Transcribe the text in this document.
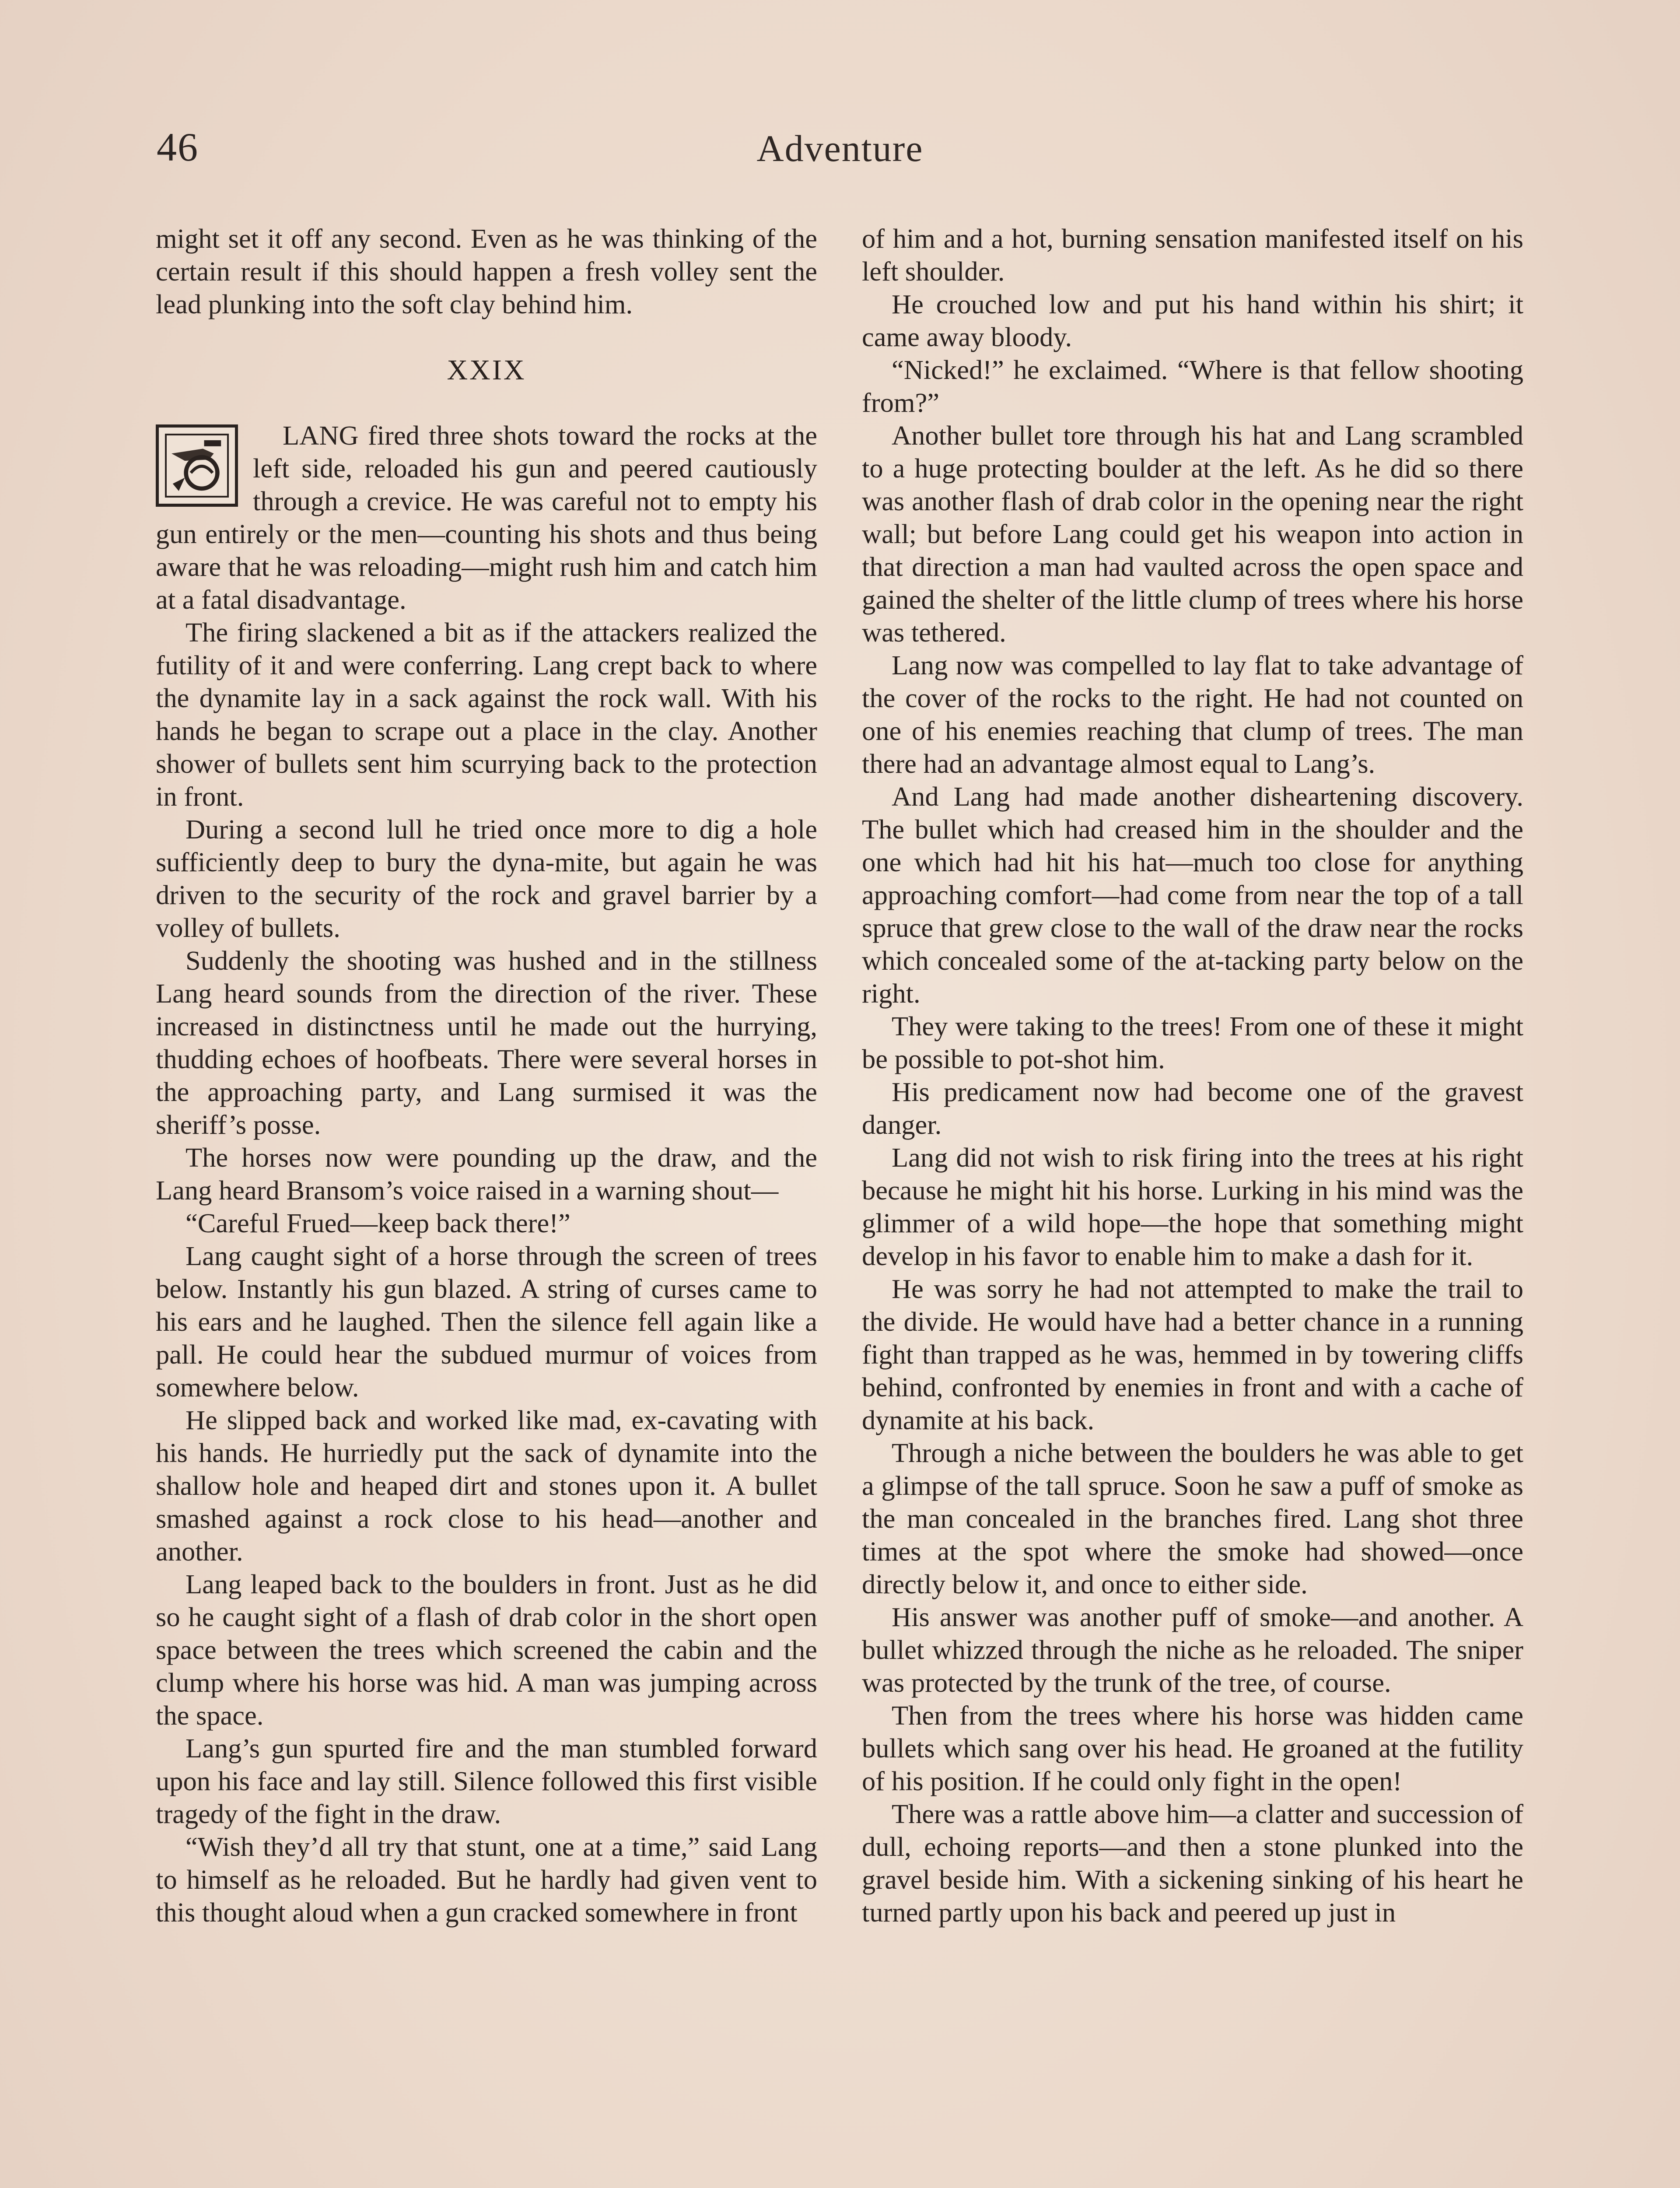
46	Adventure

might set it off any second. Even as he was thinking of the certain result if this should happen a fresh volley sent the lead plunking into the soft clay behind him.

XXIX

LANG fired three shots toward the rocks at the left side, reloaded his gun and peered cautiously through a crevice. He was careful not to empty his gun entirely or the men—counting his shots and thus being aware that he was reloading—might rush him and catch him at a fatal disadvantage.

The firing slackened a bit as if the attackers realized the futility of it and were conferring. Lang crept back to where the dynamite lay in a sack against the rock wall. With his hands he began to scrape out a place in the clay. Another shower of bullets sent him scurrying back to the protection in front.

During a second lull he tried once more to dig a hole sufficiently deep to bury the dyna-mite, but again he was driven to the security of the rock and gravel barrier by a volley of bullets.

Suddenly the shooting was hushed and in the stillness Lang heard sounds from the direction of the river. These increased in distinctness until he made out the hurrying, thudding echoes of hoofbeats. There were several horses in the approaching party, and Lang surmised it was the sheriff’s posse.

The horses now were pounding up the draw, and the Lang heard Bransom’s voice raised in a warning shout—

“Careful Frued—keep back there!”

Lang caught sight of a horse through the screen of trees below. Instantly his gun blazed. A string of curses came to his ears and he laughed. Then the silence fell again like a pall. He could hear the subdued murmur of voices from somewhere below.

He slipped back and worked like mad, ex-cavating with his hands. He hurriedly put the sack of dynamite into the shallow hole and heaped dirt and stones upon it. A bullet smashed against a rock close to his head—another and another.

Lang leaped back to the boulders in front. Just as he did so he caught sight of a flash of drab color in the short open space between the trees which screened the cabin and the clump where his horse was hid. A man was jumping across the space.

Lang’s gun spurted fire and the man stumbled forward upon his face and lay still. Silence followed this first visible tragedy of the fight in the draw.

“Wish they’d all try that stunt, one at a time,” said Lang to himself as he reloaded. But he hardly had given vent to this thought aloud when a gun cracked somewhere in front

of him and a hot, burning sensation manifested itself on his left shoulder.

He crouched low and put his hand within his shirt; it came away bloody.

“Nicked!” he exclaimed. “Where is that fellow shooting from?”

Another bullet tore through his hat and Lang scrambled to a huge protecting boulder at the left. As he did so there was another flash of drab color in the opening near the right wall; but before Lang could get his weapon into action in that direction a man had vaulted across the open space and gained the shelter of the little clump of trees where his horse was tethered.

Lang now was compelled to lay flat to take advantage of the cover of the rocks to the right. He had not counted on one of his enemies reaching that clump of trees. The man there had an advantage almost equal to Lang’s.

And Lang had made another disheartening discovery. The bullet which had creased him in the shoulder and the one which had hit his hat—much too close for anything approaching comfort—had come from near the top of a tall spruce that grew close to the wall of the draw near the rocks which concealed some of the at-tacking party below on the right.

They were taking to the trees! From one of these it might be possible to pot-shot him.

His predicament now had become one of the gravest danger.

Lang did not wish to risk firing into the trees at his right because he might hit his horse. Lurking in his mind was the glimmer of a wild hope—the hope that something might develop in his favor to enable him to make a dash for it.

He was sorry he had not attempted to make the trail to the divide. He would have had a better chance in a running fight than trapped as he was, hemmed in by towering cliffs behind, confronted by enemies in front and with a cache of dynamite at his back.

Through a niche between the boulders he was able to get a glimpse of the tall spruce. Soon he saw a puff of smoke as the man concealed in the branches fired. Lang shot three times at the spot where the smoke had showed—once directly below it, and once to either side.

His answer was another puff of smoke—and another. A bullet whizzed through the niche as he reloaded. The sniper was protected by the trunk of the tree, of course.

Then from the trees where his horse was hidden came bullets which sang over his head. He groaned at the futility of his position. If he could only fight in the open!

There was a rattle above him—a clatter and succession of dull, echoing reports—and then a stone plunked into the gravel beside him. With a sickening sinking of his heart he turned partly upon his back and peered up just in
